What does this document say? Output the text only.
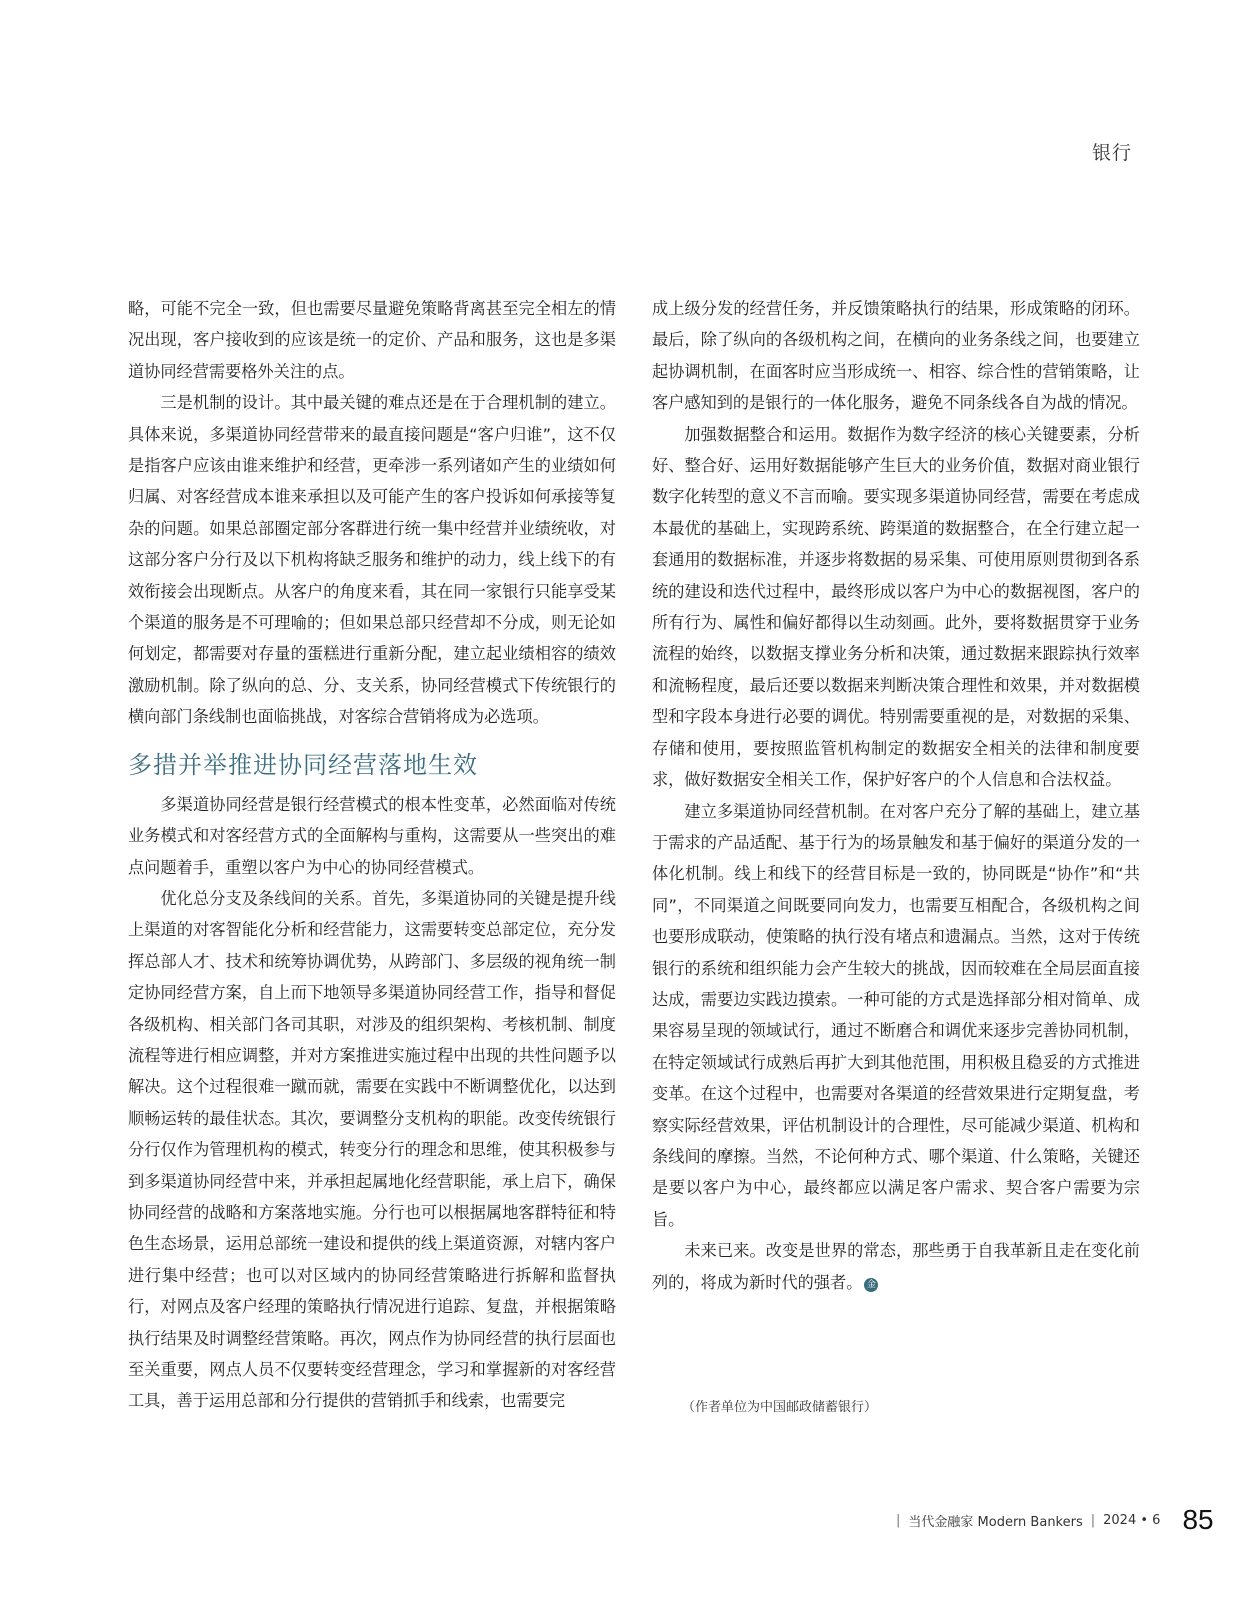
银行

略，可能不完全一致，但也需要尽量避免策略背离甚至完全相左的情况出现，客户接收到的应该是统一的定价、产品和服务，这也是多渠道协同经营需要格外关注的点。

三是机制的设计。其中最关键的难点还是在于合理机制的建立。具体来说，多渠道协同经营带来的最直接问题是“客户归谁”，这不仅是指客户应该由谁来维护和经营，更牵涉一系列诸如产生的业绩如何归属、对客经营成本谁来承担以及可能产生的客户投诉如何承接等复杂的问题。如果总部圈定部分客群进行统一集中经营并业绩统收，对这部分客户分行及以下机构将缺乏服务和维护的动力，线上线下的有效衔接会出现断点。从客户的角度来看，其在同一家银行只能享受某个渠道的服务是不可理喻的；但如果总部只经营却不分成，则无论如何划定，都需要对存量的蛋糕进行重新分配，建立起业绩相容的绩效激励机制。除了纵向的总、分、支关系，协同经营模式下传统银行的横向部门条线制也面临挑战，对客综合营销将成为必选项。

多措并举推进协同经营落地生效

多渠道协同经营是银行经营模式的根本性变革，必然面临对传统业务模式和对客经营方式的全面解构与重构，这需要从一些突出的难点问题着手，重塑以客户为中心的协同经营模式。

优化总分支及条线间的关系。首先，多渠道协同的关键是提升线上渠道的对客智能化分析和经营能力，这需要转变总部定位，充分发挥总部人才、技术和统筹协调优势，从跨部门、多层级的视角统一制定协同经营方案，自上而下地领导多渠道协同经营工作，指导和督促各级机构、相关部门各司其职，对涉及的组织架构、考核机制、制度流程等进行相应调整，并对方案推进实施过程中出现的共性问题予以解决。这个过程很难一蹴而就，需要在实践中不断调整优化，以达到顺畅运转的最佳状态。其次，要调整分支机构的职能。改变传统银行分行仅作为管理机构的模式，转变分行的理念和思维，使其积极参与到多渠道协同经营中来，并承担起属地化经营职能，承上启下，确保协同经营的战略和方案落地实施。分行也可以根据属地客群特征和特色生态场景，运用总部统一建设和提供的线上渠道资源，对辖内客户进行集中经营；也可以对区域内的协同经营策略进行拆解和监督执行，对网点及客户经理的策略执行情况进行追踪、复盘，并根据策略执行结果及时调整经营策略。再次，网点作为协同经营的执行层面也至关重要，网点人员不仅要转变经营理念，学习和掌握新的对客经营工具，善于运用总部和分行提供的营销抓手和线索，也需要完

成上级分发的经营任务，并反馈策略执行的结果，形成策略的闭环。最后，除了纵向的各级机构之间，在横向的业务条线之间，也要建立起协调机制，在面客时应当形成统一、相容、综合性的营销策略，让客户感知到的是银行的一体化服务，避免不同条线各自为战的情况。

加强数据整合和运用。数据作为数字经济的核心关键要素，分析好、整合好、运用好数据能够产生巨大的业务价值，数据对商业银行数字化转型的意义不言而喻。要实现多渠道协同经营，需要在考虑成本最优的基础上，实现跨系统、跨渠道的数据整合，在全行建立起一套通用的数据标准，并逐步将数据的易采集、可使用原则贯彻到各系统的建设和迭代过程中，最终形成以客户为中心的数据视图，客户的所有行为、属性和偏好都得以生动刻画。此外，要将数据贯穿于业务流程的始终，以数据支撑业务分析和决策，通过数据来跟踪执行效率和流畅程度，最后还要以数据来判断决策合理性和效果，并对数据模型和字段本身进行必要的调优。特别需要重视的是，对数据的采集、存储和使用，要按照监管机构制定的数据安全相关的法律和制度要求，做好数据安全相关工作，保护好客户的个人信息和合法权益。

建立多渠道协同经营机制。在对客户充分了解的基础上，建立基于需求的产品适配、基于行为的场景触发和基于偏好的渠道分发的一体化机制。线上和线下的经营目标是一致的，协同既是“协作”和“共同”，不同渠道之间既要同向发力，也需要互相配合，各级机构之间也要形成联动，使策略的执行没有堵点和遗漏点。当然，这对于传统银行的系统和组织能力会产生较大的挑战，因而较难在全局层面直接达成，需要边实践边摸索。一种可能的方式是选择部分相对简单、成果容易呈现的领域试行，通过不断磨合和调优来逐步完善协同机制，在特定领域试行成熟后再扩大到其他范围，用积极且稳妥的方式推进变革。在这个过程中，也需要对各渠道的经营效果进行定期复盘，考察实际经营效果，评估机制设计的合理性，尽可能减少渠道、机构和条线间的摩擦。当然，不论何种方式、哪个渠道、什么策略，关键还是要以客户为中心，最终都应以满足客户需求、契合客户需要为宗旨。

未来已来。改变是世界的常态，那些勇于自我革新且走在变化前列的，将成为新时代的强者。 金

（作者单位为中国邮政储蓄银行）
| 当代金融家 Modern Bankers | 2024 • 6 85
